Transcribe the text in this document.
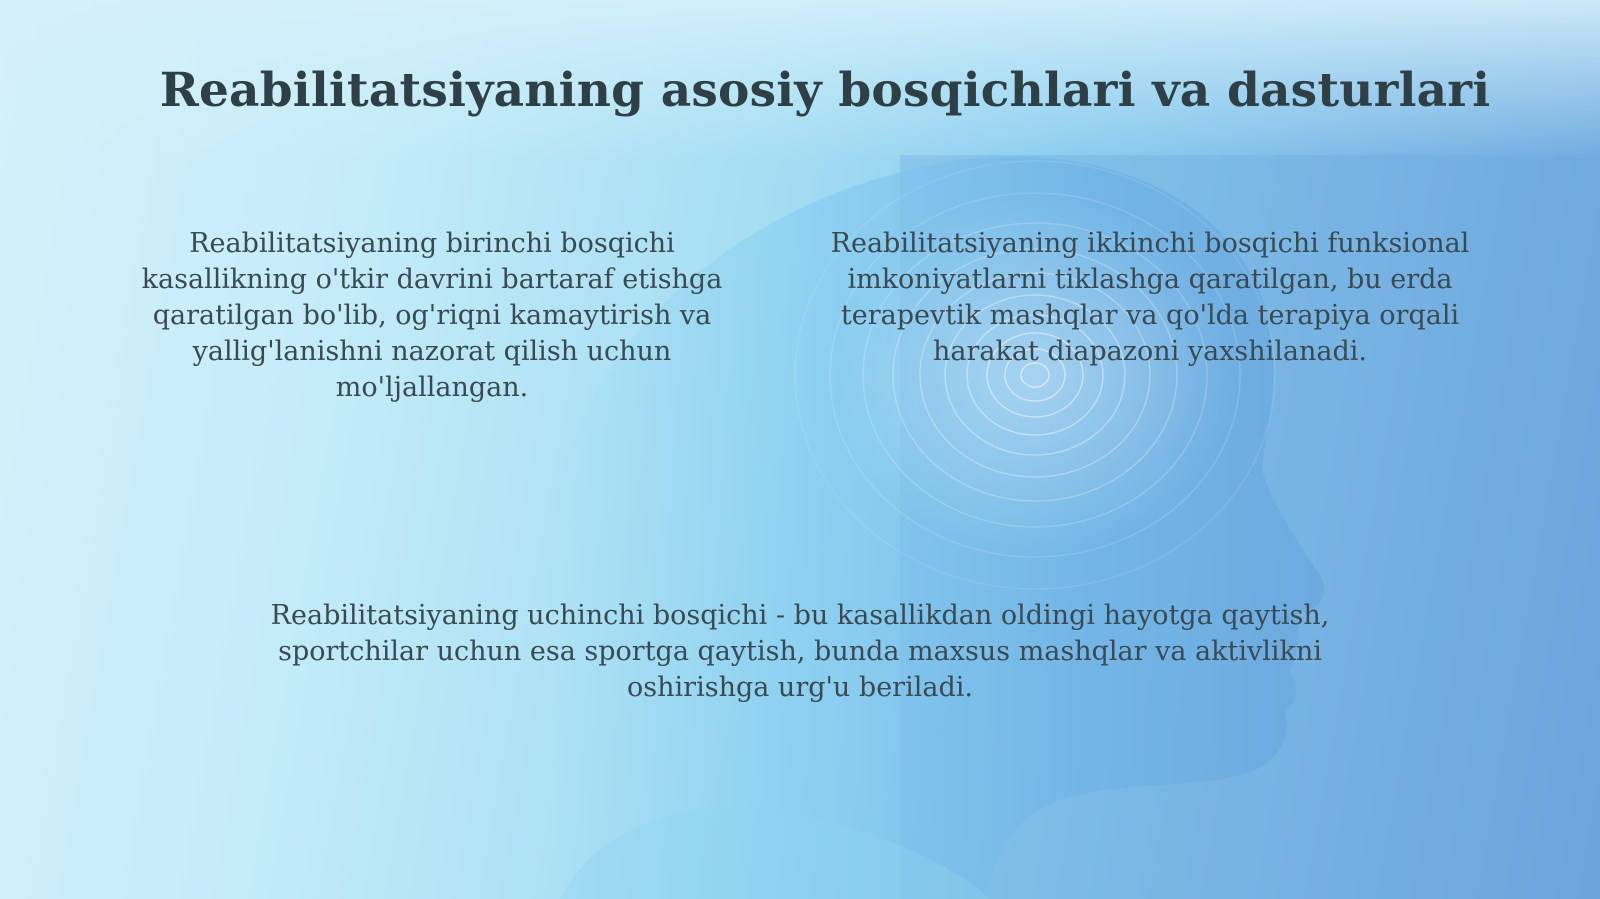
Reabilitatsiyaning asosiy bosqichlari va dasturlari

Reabilitatsiyaning birinchi bosqichi kasallikning o'tkir davrini bartaraf etishga qaratilgan bo'lib, og'riqni kamaytirish va yallig'lanishni nazorat qilish uchun mo'ljallangan.

Reabilitatsiyaning ikkinchi bosqichi funksional imkoniyatlarni tiklashga qaratilgan, bu erda terapevtik mashqlar va qo'lda terapiya orqali harakat diapazoni yaxshilanadi.

Reabilitatsiyaning uchinchi bosqichi - bu kasallikdan oldingi hayotga qaytish, sportchilar uchun esa sportga qaytish, bunda maxsus mashqlar va aktivlikni oshirishga urg'u beriladi.
